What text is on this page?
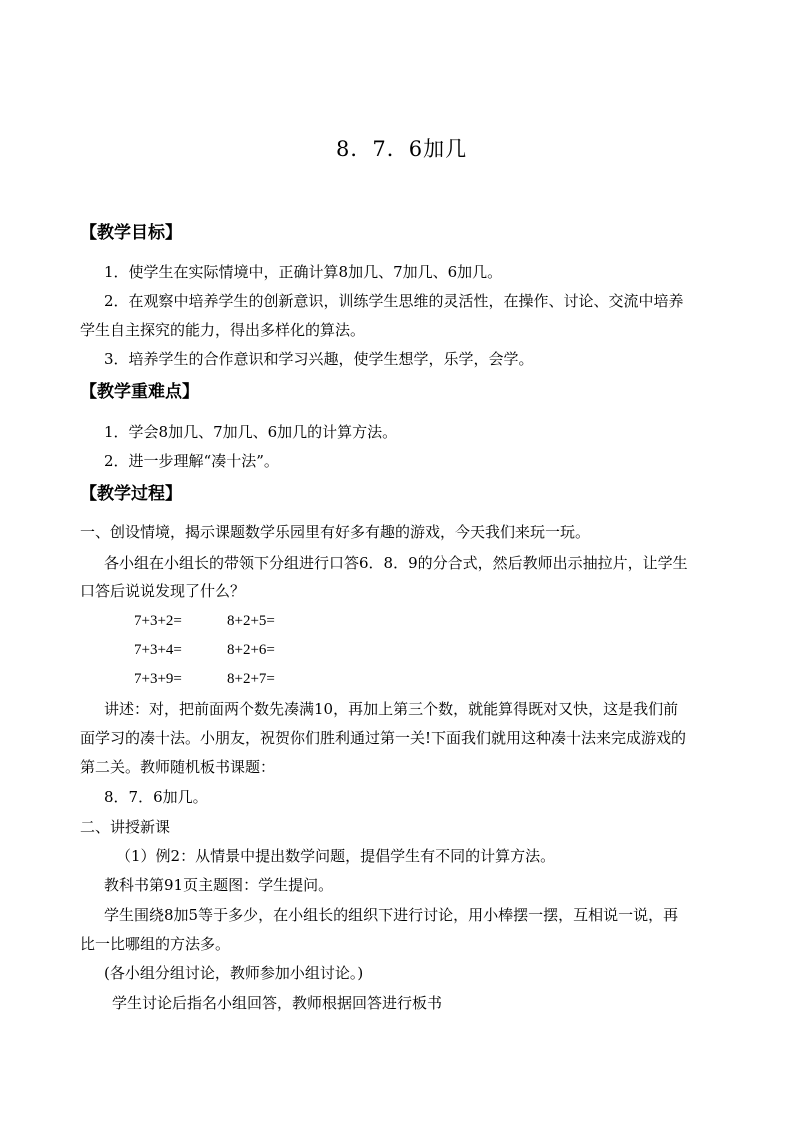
8．7．6加几
【教学目标】
1．使学生在实际情境中，正确计算8加几、7加几、6加几。
2．在观察中培养学生的创新意识，训练学生思维的灵活性，在操作、讨论、交流中培养
学生自主探究的能力，得出多样化的算法。
3．培养学生的合作意识和学习兴趣，使学生想学，乐学，会学。
【教学重难点】
1．学会8加几、7加几、6加几的计算方法。
2．进一步理解“凑十法”。
【教学过程】
一、创设情境，揭示课题数学乐园里有好多有趣的游戏，今天我们来玩一玩。
各小组在小组长的带领下分组进行口答6．8．9的分合式，然后教师出示抽拉片，让学生
口答后说说发现了什么？
7+3+2=	8+2+5=
7+3+4=	8+2+6=
7+3+9=	8+2+7=
讲述：对，把前面两个数先凑满10，再加上第三个数，就能算得既对又快，这是我们前
面学习的凑十法。小朋友，祝贺你们胜利通过第一关!下面我们就用这种凑十法来完成游戏的
第二关。教师随机板书课题：
8．7．6加几。
二、讲授新课
（1）例2：从情景中提出数学问题，提倡学生有不同的计算方法。
教科书第91页主题图：学生提问。
学生围绕8加5等于多少，在小组长的组织下进行讨论，用小棒摆一摆，互相说一说，再
比一比哪组的方法多。
(各小组分组讨论，教师参加小组讨论。)
学生讨论后指名小组回答，教师根据回答进行板书
